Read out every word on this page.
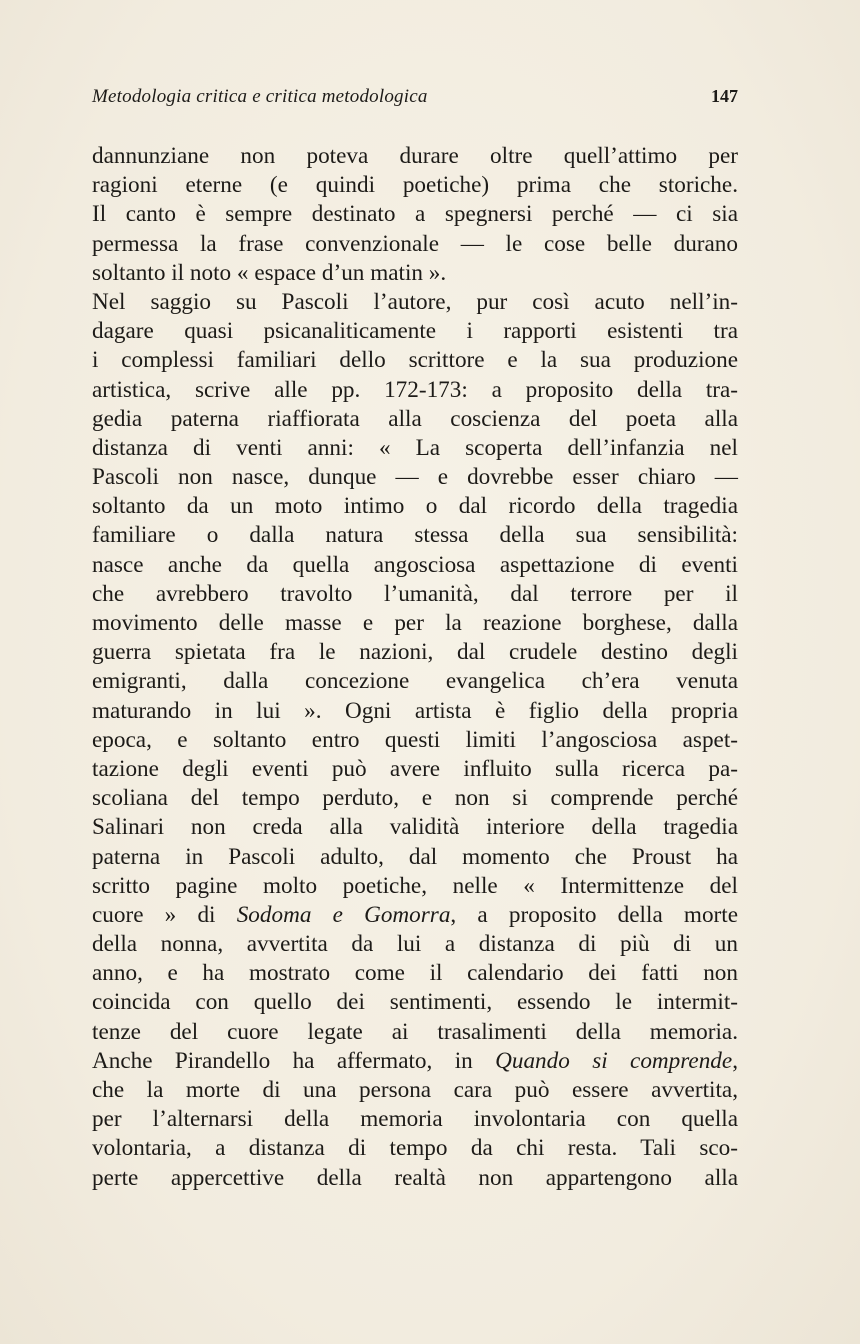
Metodologia critica e critica metodologica	147
dannunziane non poteva durare oltre quell’attimo per
ragioni eterne (e quindi poetiche) prima che storiche.
Il canto è sempre destinato a spegnersi perché — ci sia
permessa la frase convenzionale — le cose belle durano
soltanto il noto « espace d’un matin ».
Nel saggio su Pascoli l’autore, pur così acuto nell’in-
dagare quasi psicanaliticamente i rapporti esistenti tra
i complessi familiari dello scrittore e la sua produzione
artistica, scrive alle pp. 172-173: a proposito della tra-
gedia paterna riaffiorata alla coscienza del poeta alla
distanza di venti anni: « La scoperta dell’infanzia nel
Pascoli non nasce, dunque — e dovrebbe esser chiaro —
soltanto da un moto intimo o dal ricordo della tragedia
familiare o dalla natura stessa della sua sensibilità:
nasce anche da quella angosciosa aspettazione di eventi
che avrebbero travolto l’umanità, dal terrore per il
movimento delle masse e per la reazione borghese, dalla
guerra spietata fra le nazioni, dal crudele destino degli
emigranti, dalla concezione evangelica ch’era venuta
maturando in lui ». Ogni artista è figlio della propria
epoca, e soltanto entro questi limiti l’angosciosa aspet-
tazione degli eventi può avere influito sulla ricerca pa-
scoliana del tempo perduto, e non si comprende perché
Salinari non creda alla validità interiore della tragedia
paterna in Pascoli adulto, dal momento che Proust ha
scritto pagine molto poetiche, nelle « Intermittenze del
cuore » di Sodoma e Gomorra, a proposito della morte
della nonna, avvertita da lui a distanza di più di un
anno, e ha mostrato come il calendario dei fatti non
coincida con quello dei sentimenti, essendo le intermit-
tenze del cuore legate ai trasalimenti della memoria.
Anche Pirandello ha affermato, in Quando si comprende,
che la morte di una persona cara può essere avvertita,
per l’alternarsi della memoria involontaria con quella
volontaria, a distanza di tempo da chi resta. Tali sco-
perte appercettive della realtà non appartengono alla
